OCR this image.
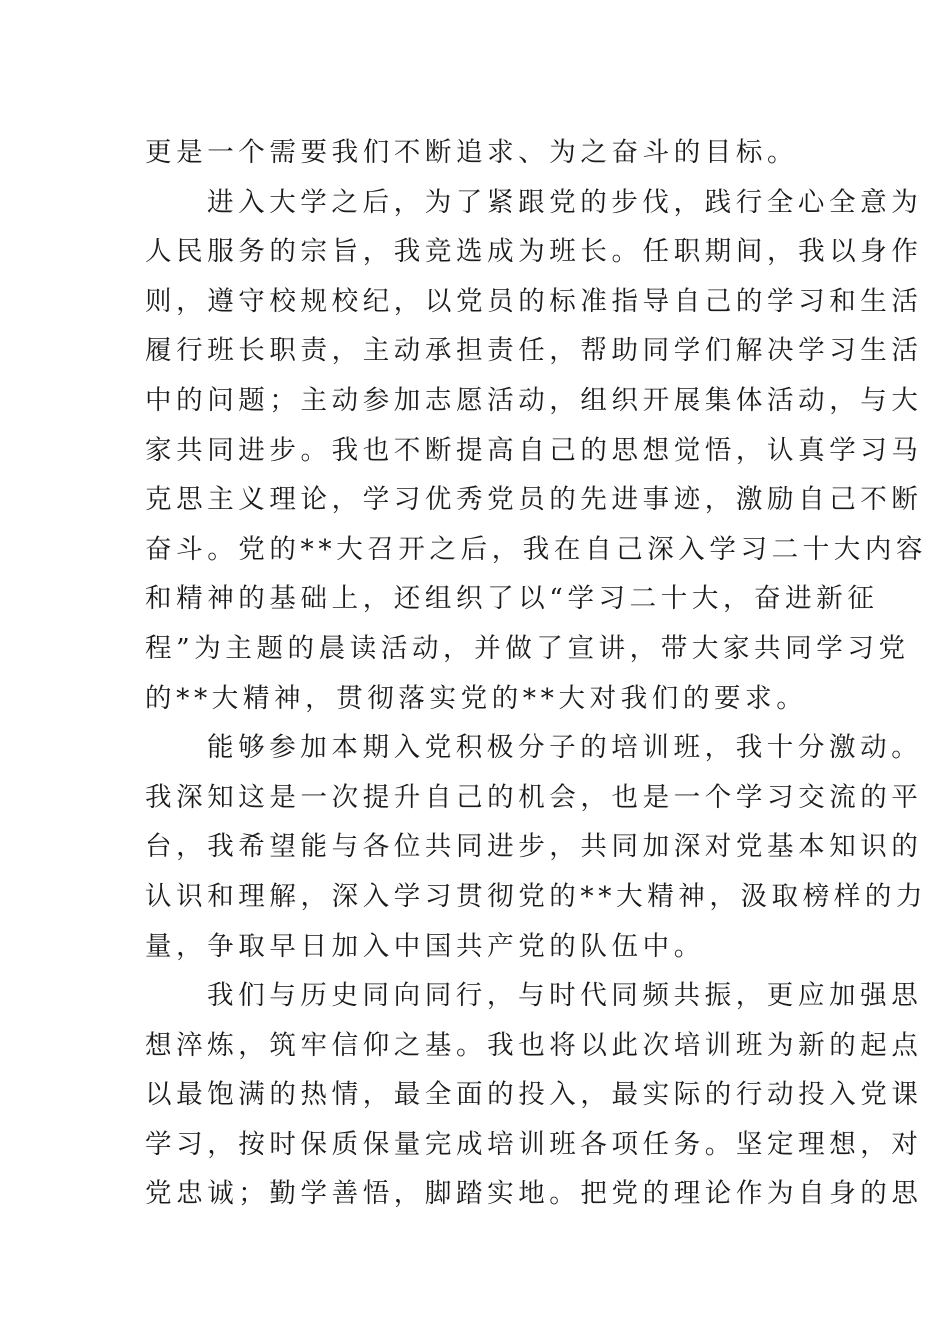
更是一个需要我们不断追求、为之奋斗的目标。
进入大学之后，为了紧跟党的步伐，践行全心全意为
人民服务的宗旨，我竞选成为班长。任职期间，我以身作
则，遵守校规校纪，以党员的标准指导自己的学习和生活
履行班长职责，主动承担责任，帮助同学们解决学习生活
中的问题；主动参加志愿活动，组织开展集体活动，与大
家共同进步。我也不断提高自己的思想觉悟，认真学习马
克思主义理论，学习优秀党员的先进事迹，激励自己不断
奋斗。党的**大召开之后，我在自己深入学习二十大内容
和精神的基础上，还组织了以“学习二十大，奋进新征
程”为主题的晨读活动，并做了宣讲，带大家共同学习党
的**大精神，贯彻落实党的**大对我们的要求。
能够参加本期入党积极分子的培训班，我十分激动。
我深知这是一次提升自己的机会，也是一个学习交流的平
台，我希望能与各位共同进步，共同加深对党基本知识的
认识和理解，深入学习贯彻党的**大精神，汲取榜样的力
量，争取早日加入中国共产党的队伍中。
我们与历史同向同行，与时代同频共振，更应加强思
想淬炼，筑牢信仰之基。我也将以此次培训班为新的起点
以最饱满的热情，最全面的投入，最实际的行动投入党课
学习，按时保质保量完成培训班各项任务。坚定理想，对
党忠诚；勤学善悟，脚踏实地。把党的理论作为自身的思
